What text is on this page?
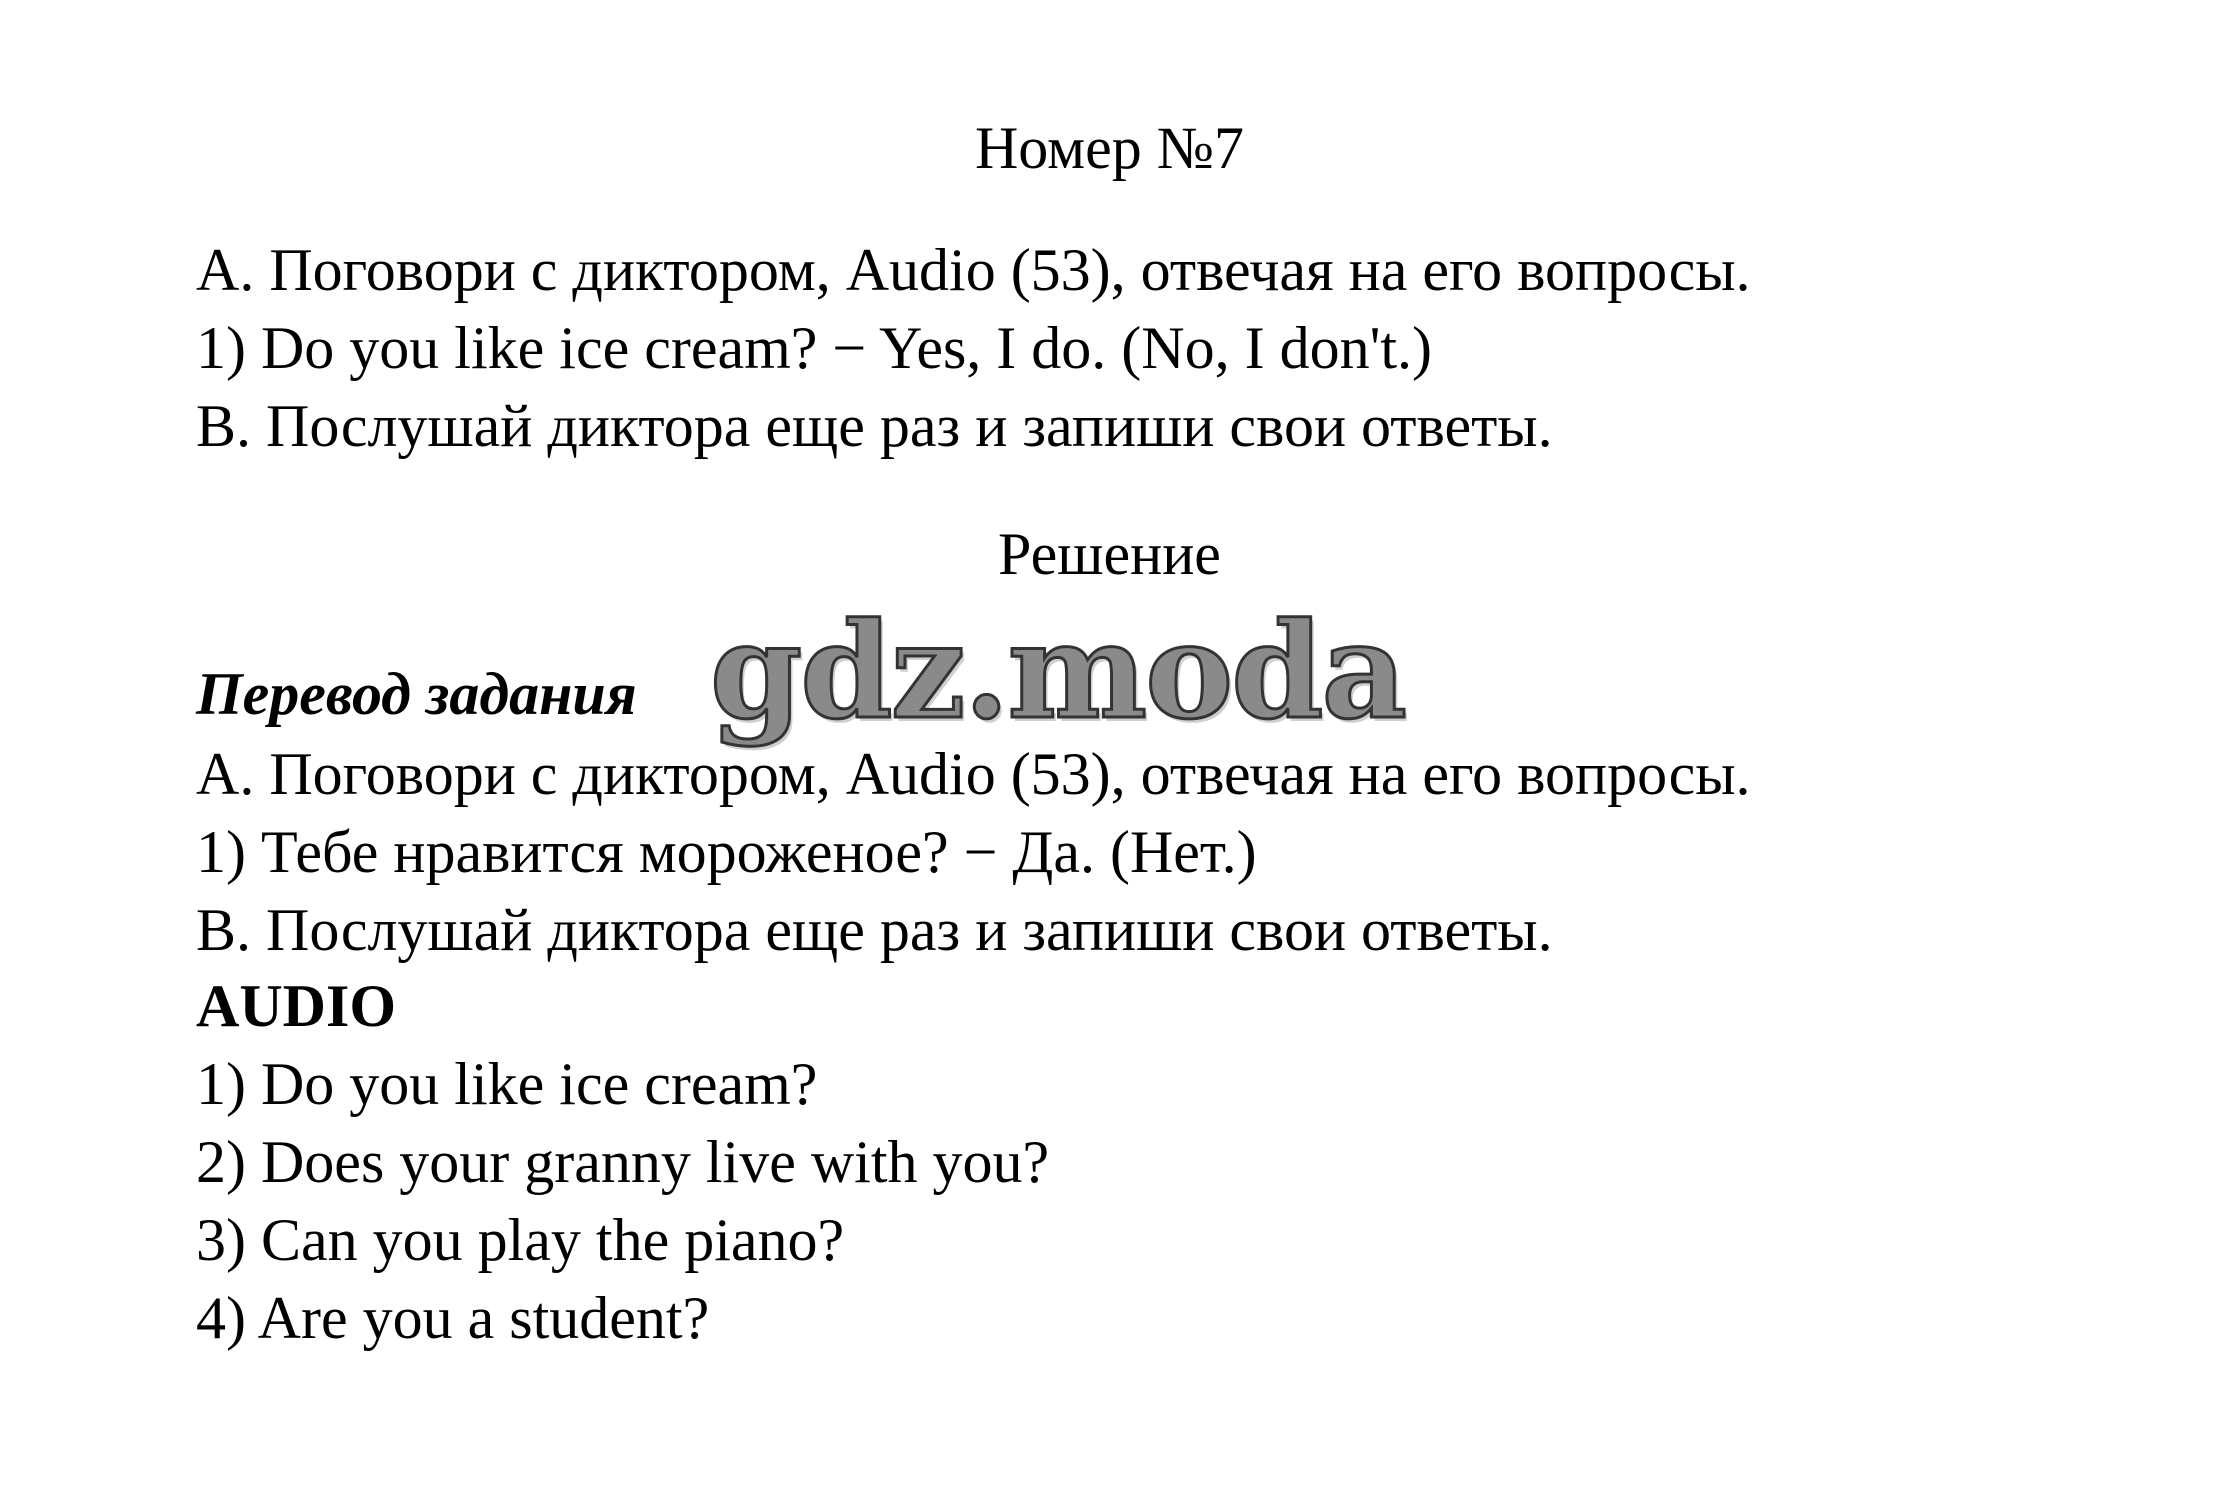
Номер №7
A. Поговори с диктором, Audio (53), отвечая на его вопросы.
1) Do you like ice cream? − Yes, I do. (No, I don't.)
B. Послушай диктора еще раз и запиши свои ответы.
Решение
Перевод задания gdz.moda
A. Поговори с диктором, Audio (53), отвечая на его вопросы.
1) Тебе нравится мороженое? − Да. (Нет.)
B. Послушай диктора еще раз и запиши свои ответы.
AUDIO
1) Do you like ice cream?
2) Does your granny live with you?
3) Can you play the piano?
4) Are you a student?
